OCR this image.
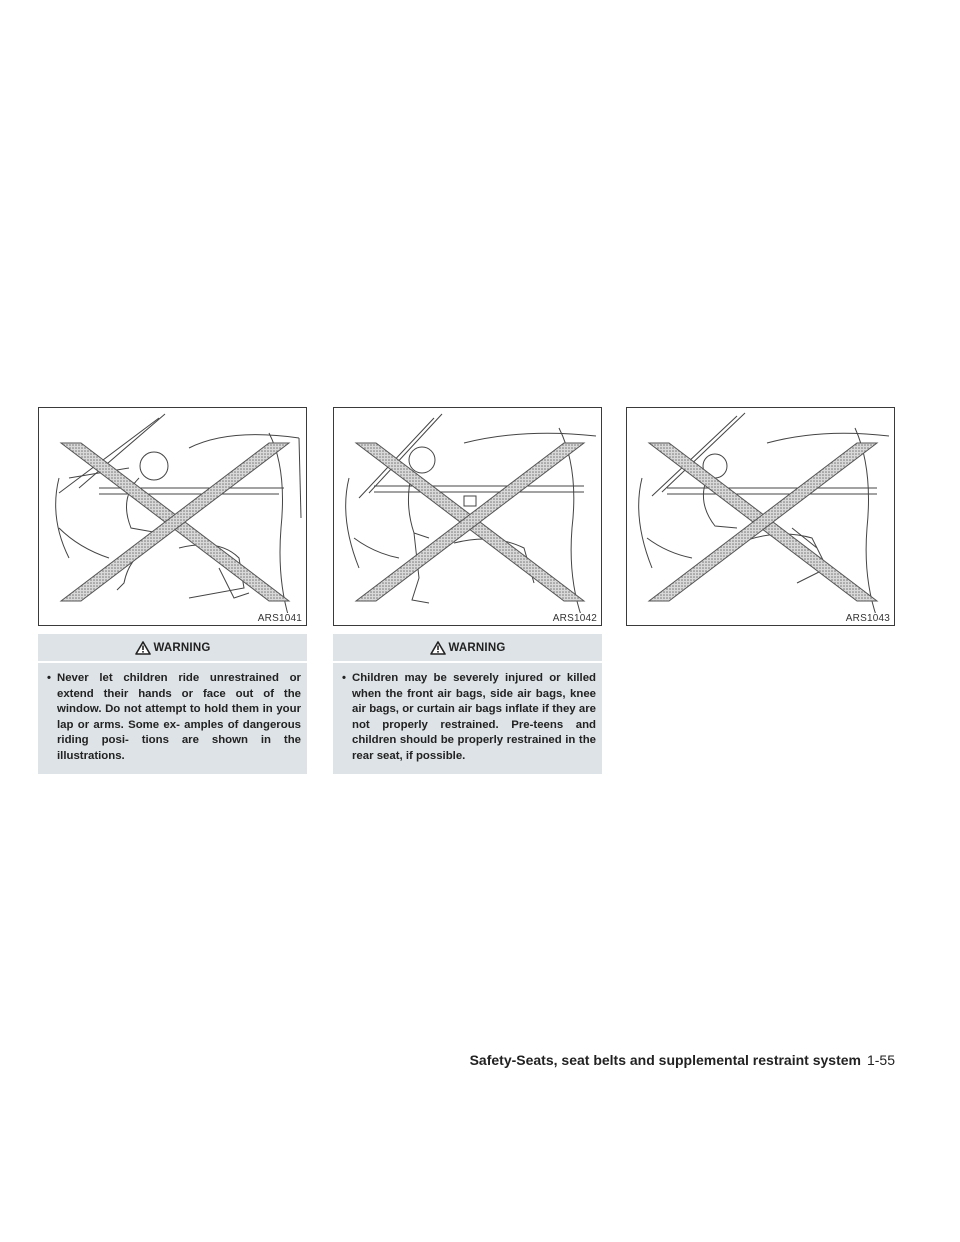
ARS1041	ARS1042	ARS1043
WARNING
• Never let children ride unrestrained or extend their hands or face out of the window. Do not attempt to hold them in your lap or arms. Some ex- amples of dangerous riding posi- tions are shown in the illustrations.
WARNING
• Children may be severely injured or killed when the front air bags, side air bags, knee air bags, or curtain air bags inflate if they are not properly restrained. Pre-teens and children should be properly restrained in the rear seat, if possible.
Safety-Seats, seat belts and supplemental restraint system 1-55
